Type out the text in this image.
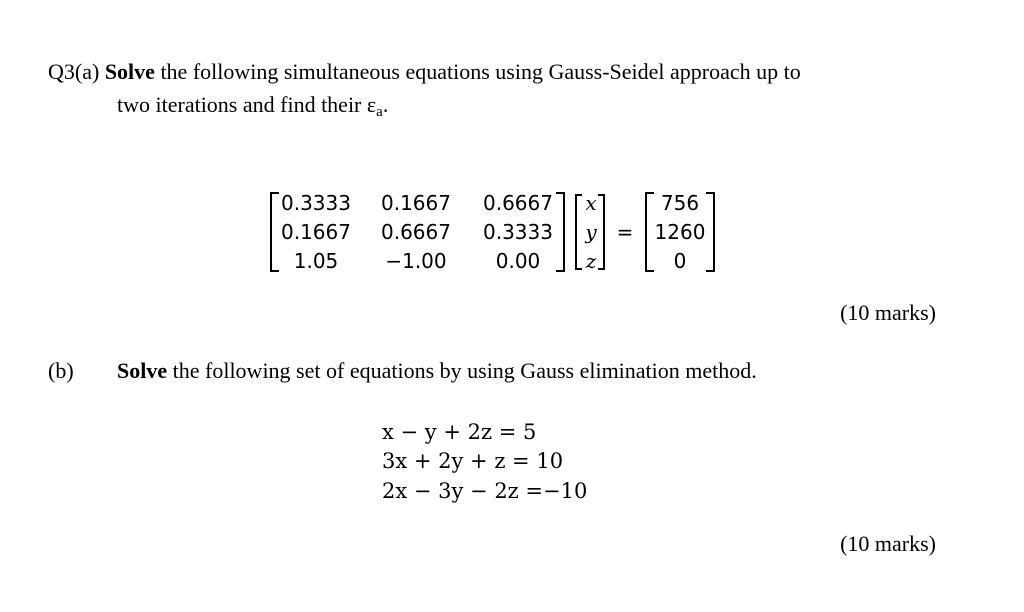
Q3(a) Solve the following simultaneous equations using Gauss-Seidel approach up to
two iterations and find their εa.
0.3333	0.1667	0.6667
0.1667	0.6667	0.3333
1.05	−1.00	0.00
x
y
z
=
756
1260
0
(10 marks)
(b) Solve the following set of equations by using Gauss elimination method.
x − y + 2z = 5
3x + 2y + z = 10
2x − 3y − 2z =−10
(10 marks)
